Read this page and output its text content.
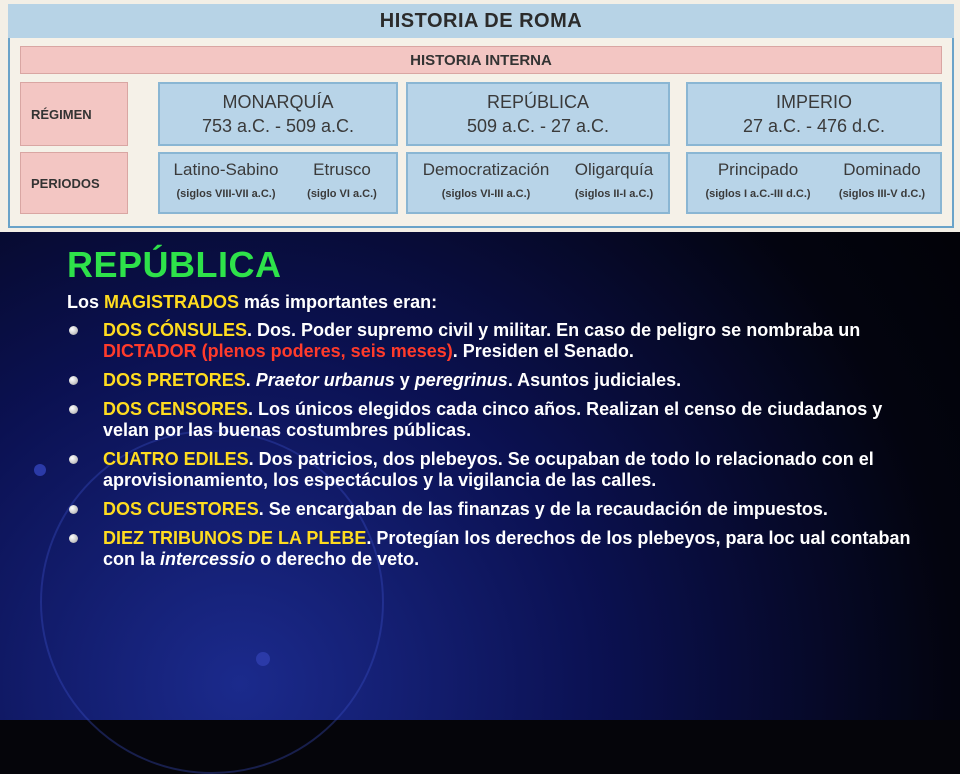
HISTORIA DE ROMA
HISTORIA INTERNA
RÉGIMEN
PERIODOS
MONARQUÍA
753 a.C. - 509 a.C.
REPÚBLICA
509 a.C. - 27 a.C.
IMPERIO
27 a.C. - 476 d.C.
Latino-Sabino
(siglos VIII-VII a.C.)
Etrusco
(siglo VI a.C.)
Democratización
(siglos VI-III a.C.)
Oligarquía
(siglos II-I a.C.)
Principado
(siglos I a.C.-III d.C.)
Dominado
(siglos III-V d.C.)
REPÚBLICA
Los MAGISTRADOS más importantes eran:
DOS CÓNSULES. Dos. Poder supremo civil y militar. En caso de peligro se nombraba un DICTADOR (plenos poderes, seis meses). Presiden el Senado.
DOS PRETORES. Praetor urbanus y peregrinus. Asuntos judiciales.
DOS CENSORES. Los únicos elegidos cada cinco años. Realizan el censo de ciudadanos y velan por las buenas costumbres públicas.
CUATRO EDILES. Dos patricios, dos plebeyos. Se ocupaban de todo lo relacionado con el aprovisionamiento, los espectáculos y la vigilancia de las calles.
DOS CUESTORES. Se encargaban de las finanzas y de la recaudación de impuestos.
DIEZ TRIBUNOS DE LA PLEBE. Protegían los derechos de los plebeyos, para loc ual contaban con la intercessio o derecho de veto.
